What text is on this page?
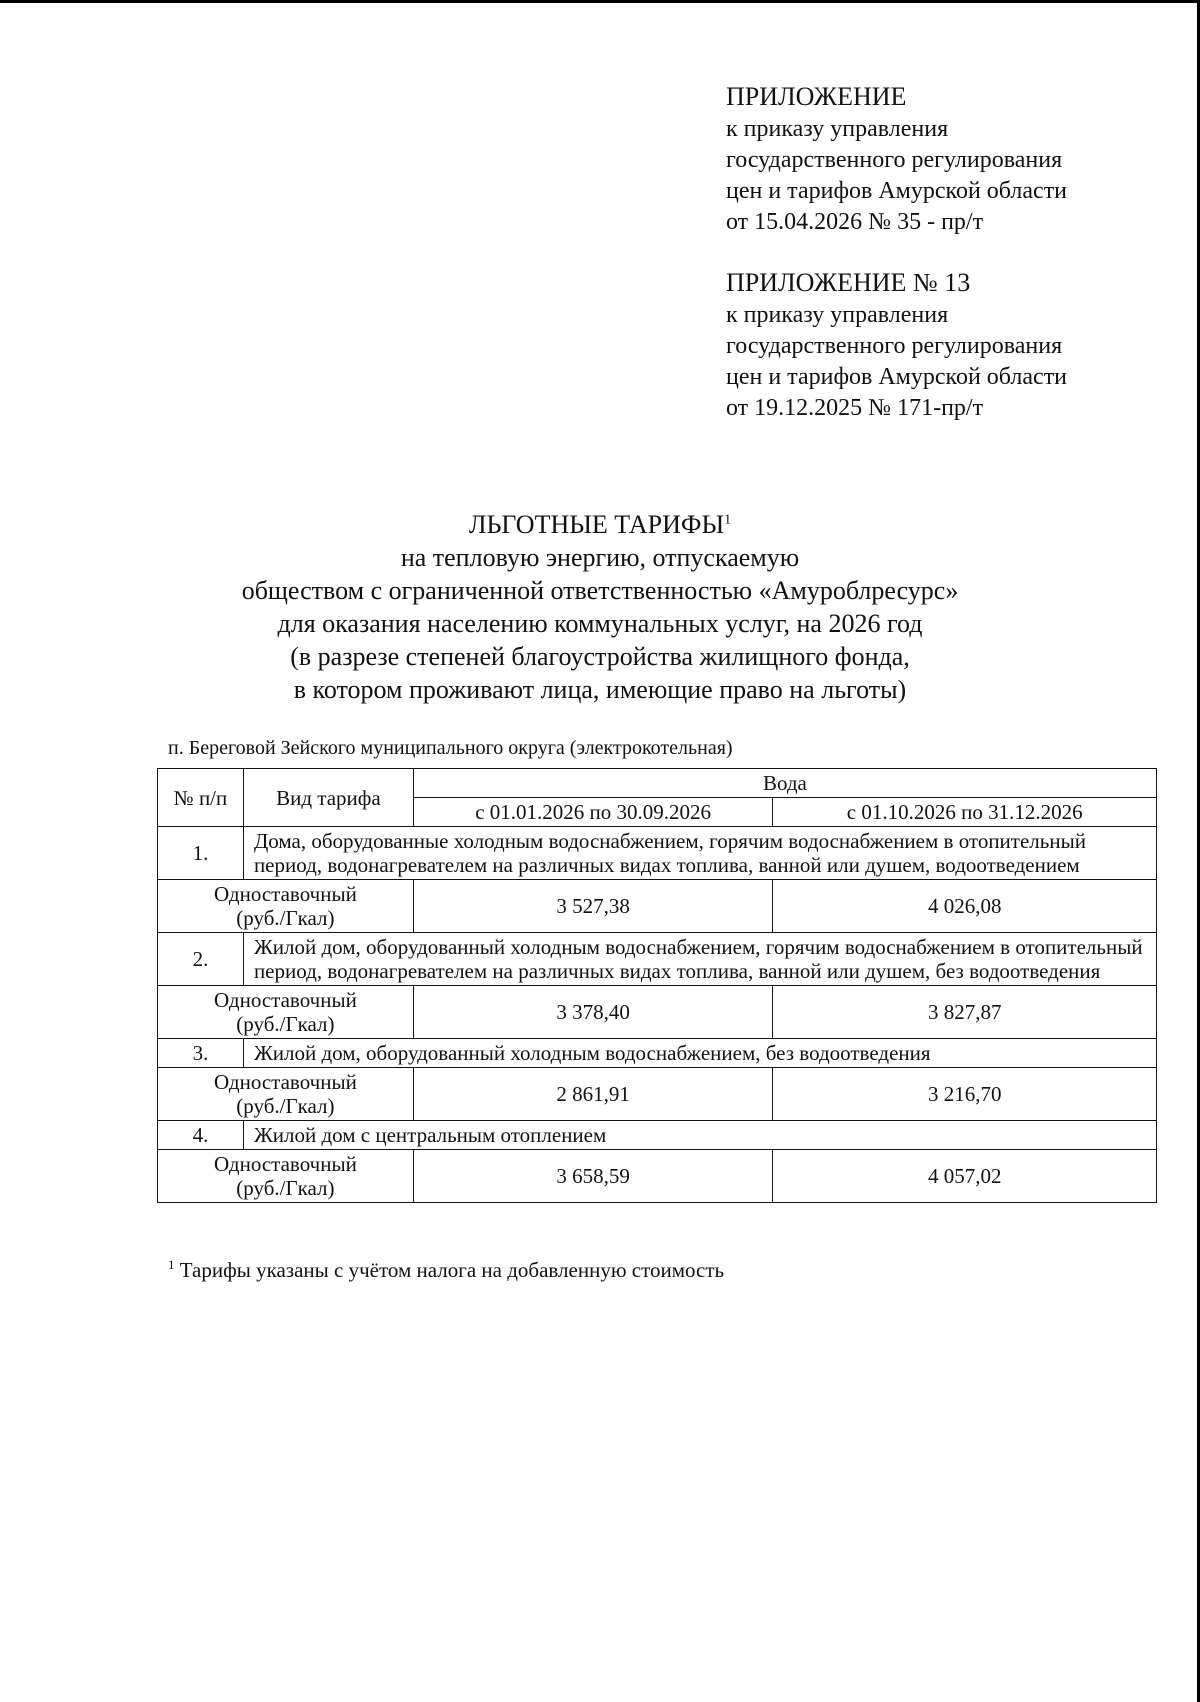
ПРИЛОЖЕНИЕ
к приказу управления
государственного регулирования
цен и тарифов Амурской области
от 15.04.2026 № 35 - пр/т
ПРИЛОЖЕНИЕ № 13
к приказу управления
государственного регулирования
цен и тарифов Амурской области
от 19.12.2025 № 171-пр/т
ЛЬГОТНЫЕ ТАРИФЫ$^1$
на тепловую энергию, отпускаемую
обществом с ограниченной ответственностью «Амуроблресурс»
для оказания населению коммунальных услуг, на 2026 год
(в разрезе степеней благоустройства жилищного фонда,
в котором проживают лица, имеющие право на льготы)
п. Береговой Зейского муниципального округа (электрокотельная)
№ п/п	Вид тарифа	Вода	
		с 01.01.2026 по 30.09.2026	с 01.10.2026 по 31.12.2026
1.	Дома, оборудованные холодным водоснабжением, горячим водоснабжением в отопительный период, водонагревателем на различных видах топлива, ванной или душем, водоотведением		

Одноставочный
(руб./Гкал)		3 527,38	4 026,08
2.	Жилой дом, оборудованный холодным водоснабжением, горячим водоснабжением в отопительный период, водонагревателем на различных видах топлива, ванной или душем, без водоотведения		

Одноставочный
(руб./Гкал)		3 378,40	3 827,87
3.	Жилой дом, оборудованный холодным водоснабжением, без водоотведения		

Одноставочный
(руб./Гкал)		2 861,91	3 216,70
4.	Жилой дом с центральным отоплением		

Одноставочный
(руб./Гкал)		3 658,59	4 057,02
$^1$ Тарифы указаны с учётом налога на добавленную стоимость
